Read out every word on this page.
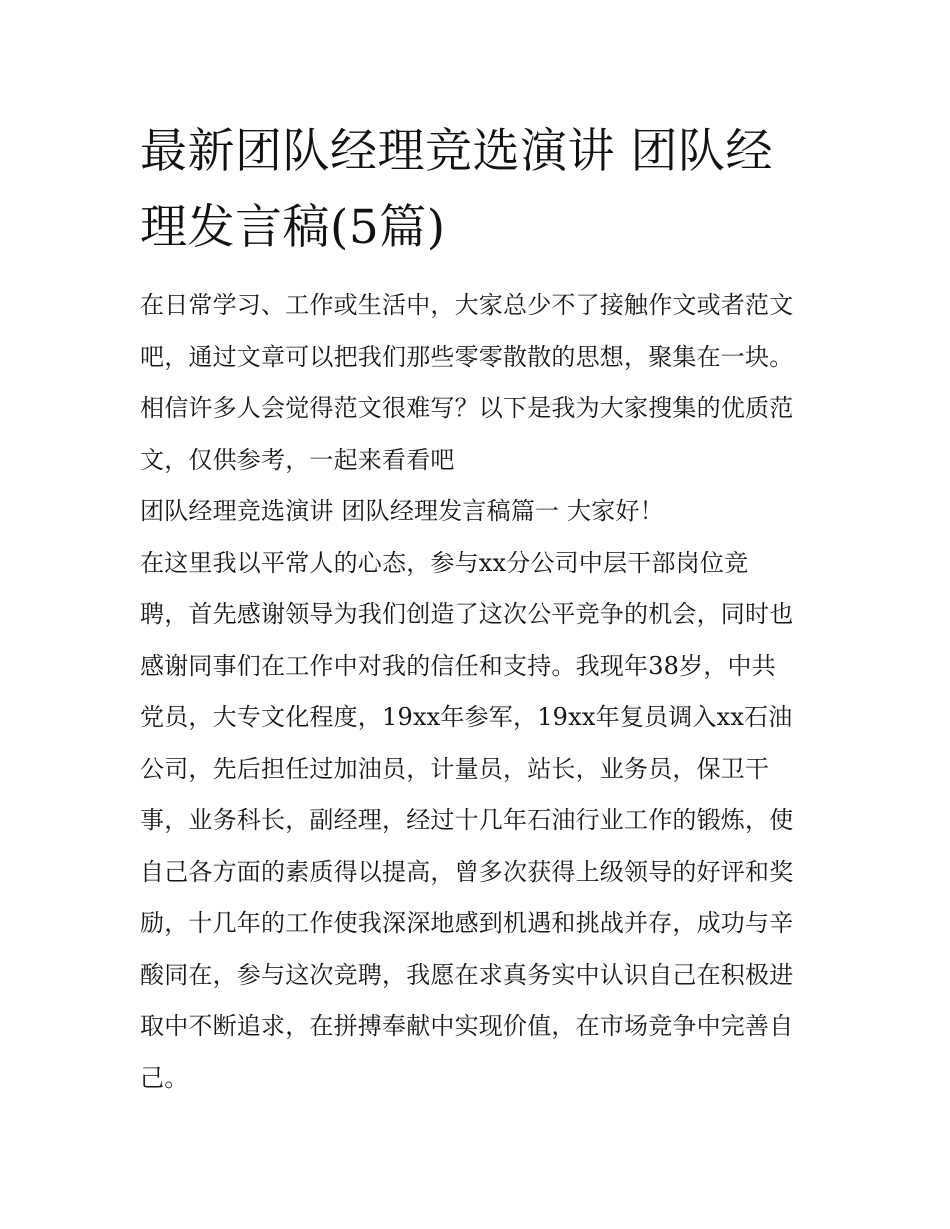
最新团队经理竞选演讲 团队经
理发言稿(5篇)
在日常学习、工作或生活中，大家总少不了接触作文或者范文
吧，通过文章可以把我们那些零零散散的思想，聚集在一块。
相信许多人会觉得范文很难写？以下是我为大家搜集的优质范
文，仅供参考，一起来看看吧
团队经理竞选演讲 团队经理发言稿篇一 大家好！
在这里我以平常人的心态，参与xx分公司中层干部岗位竞
聘，首先感谢领导为我们创造了这次公平竞争的机会，同时也
感谢同事们在工作中对我的信任和支持。我现年38岁，中共
党员，大专文化程度，19xx年参军，19xx年复员调入xx石油
公司，先后担任过加油员，计量员，站长，业务员，保卫干
事，业务科长，副经理，经过十几年石油行业工作的锻炼，使
自己各方面的素质得以提高，曾多次获得上级领导的好评和奖
励，十几年的工作使我深深地感到机遇和挑战并存，成功与辛
酸同在，参与这次竞聘，我愿在求真务实中认识自己在积极进
取中不断追求，在拼搏奉献中实现价值，在市场竞争中完善自
己。
